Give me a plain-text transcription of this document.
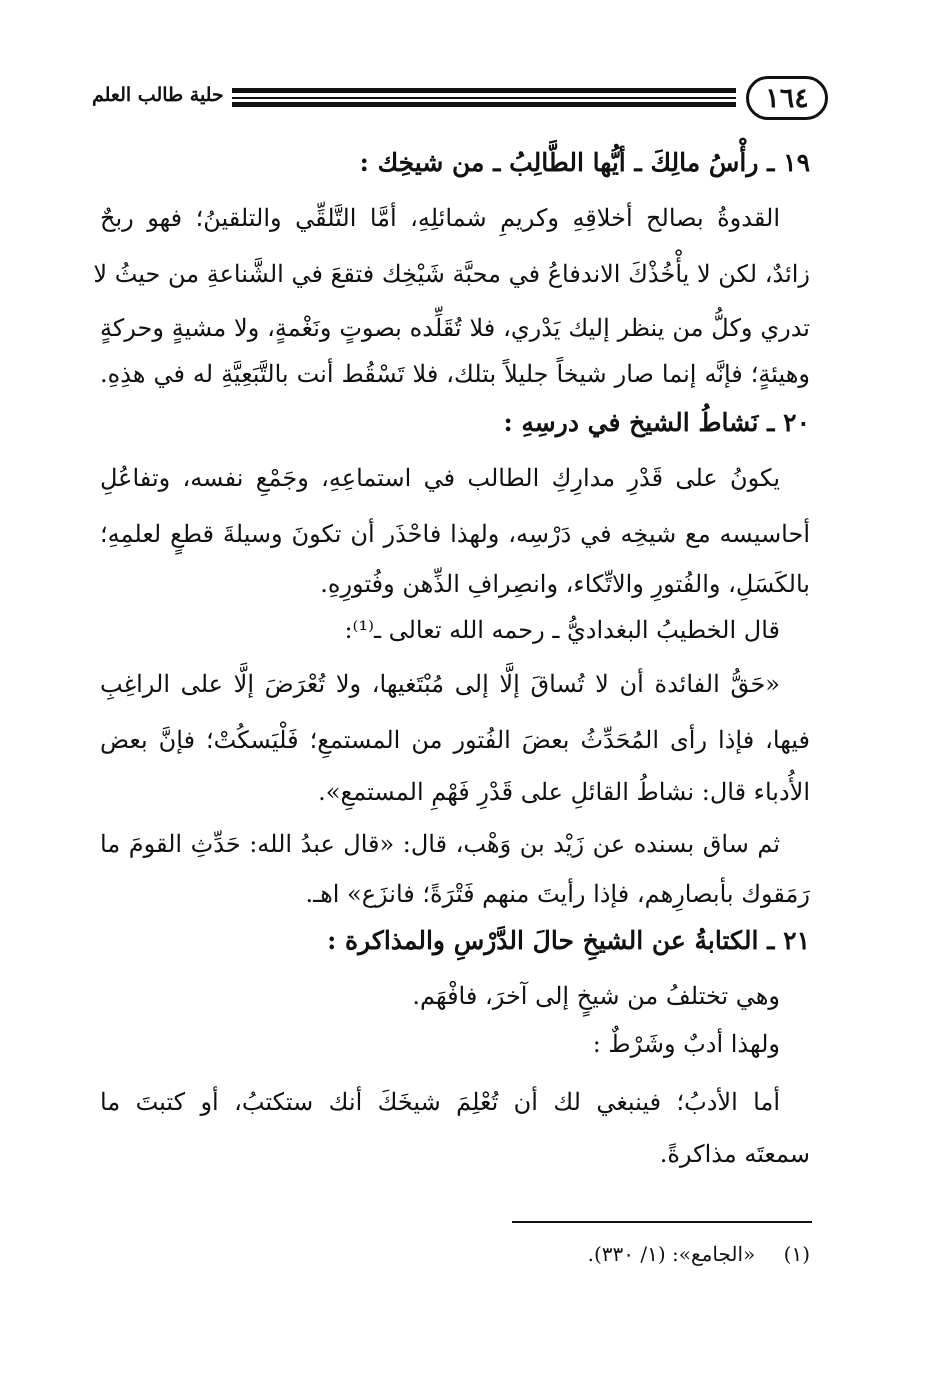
١٦٤
حلية طالب العلم
١٩ ـ رأْسُ مالِكَ ـ أيُّها الطَّالِبُ ـ من شيخِك :
القدوةُ بصالح أخلاقِهِ وكريمِ شمائلِهِ، أمَّا التَّلقِّي والتلقينُ؛ فهو ربحٌ
زائدٌ، لكن لا يأْخُذْكَ الاندفاعُ في محبَّة شَيْخِك فتقعَ في الشَّناعةِ من حيثُ لا
تدري وكلُّ من ينظر إليك يَدْري، فلا تُقَلِّده بصوتٍ ونَغْمةٍ، ولا مشيةٍ وحركةٍ
وهيئةٍ؛ فإنَّه إنما صار شيخاً جليلاً بتلك، فلا تَسْقُط أنت بالتَّبَعِيَّةِ له في هذِهِ.
٢٠ ـ نَشاطُ الشيخ في درسِهِ :
يكونُ على قَدْرِ مدارِكِ الطالب في استماعِهِ، وجَمْعِ نفسه، وتفاعُلِ
أحاسيسه مع شيخِه في دَرْسِه، ولهذا فاحْذَر أن تكونَ وسيلةَ قطعٍ لعلمِهِ؛
بالكَسَلِ، والفُتورِ والاتِّكاء، وانصِرافِ الذِّهن وفُتورِهِ.
قال الخطيبُ البغداديُّ ـ رحمه الله تعالى ـ⁽¹⁾:
«حَقُّ الفائدة أن لا تُساقَ إلَّا إلى مُبْتَغيها، ولا تُعْرَضَ إلَّا على الراغِبِ
فيها، فإذا رأى المُحَدِّثُ بعضَ الفُتور من المستمعِ؛ فَلْيَسكُتْ؛ فإنَّ بعض
الأُدباء قال: نشاطُ القائلِ على قَدْرِ فَهْمِ المستمعِ».
ثم ساق بسنده عن زَيْد بن وَهْب، قال: «قال عبدُ الله: حَدِّثِ القومَ ما
رَمَقوك بأبصارِهم، فإذا رأيتَ منهم فَتْرَةً؛ فانزَع» اهـ.
٢١ ـ الكتابةُ عن الشيخِ حالَ الدَّرْسِ والمذاكرة :
وهي تختلفُ من شيخٍ إلى آخرَ، فافْهَم.
ولهذا أدبٌ وشَرْطٌ :
أما الأدبُ؛ فينبغي لك أن تُعْلِمَ شيخَكَ أنك ستكتبُ، أو كتبتَ ما
سمعتَه مذاكرةً.
(١) «الجامع»: (١/ ٣٣٠).
